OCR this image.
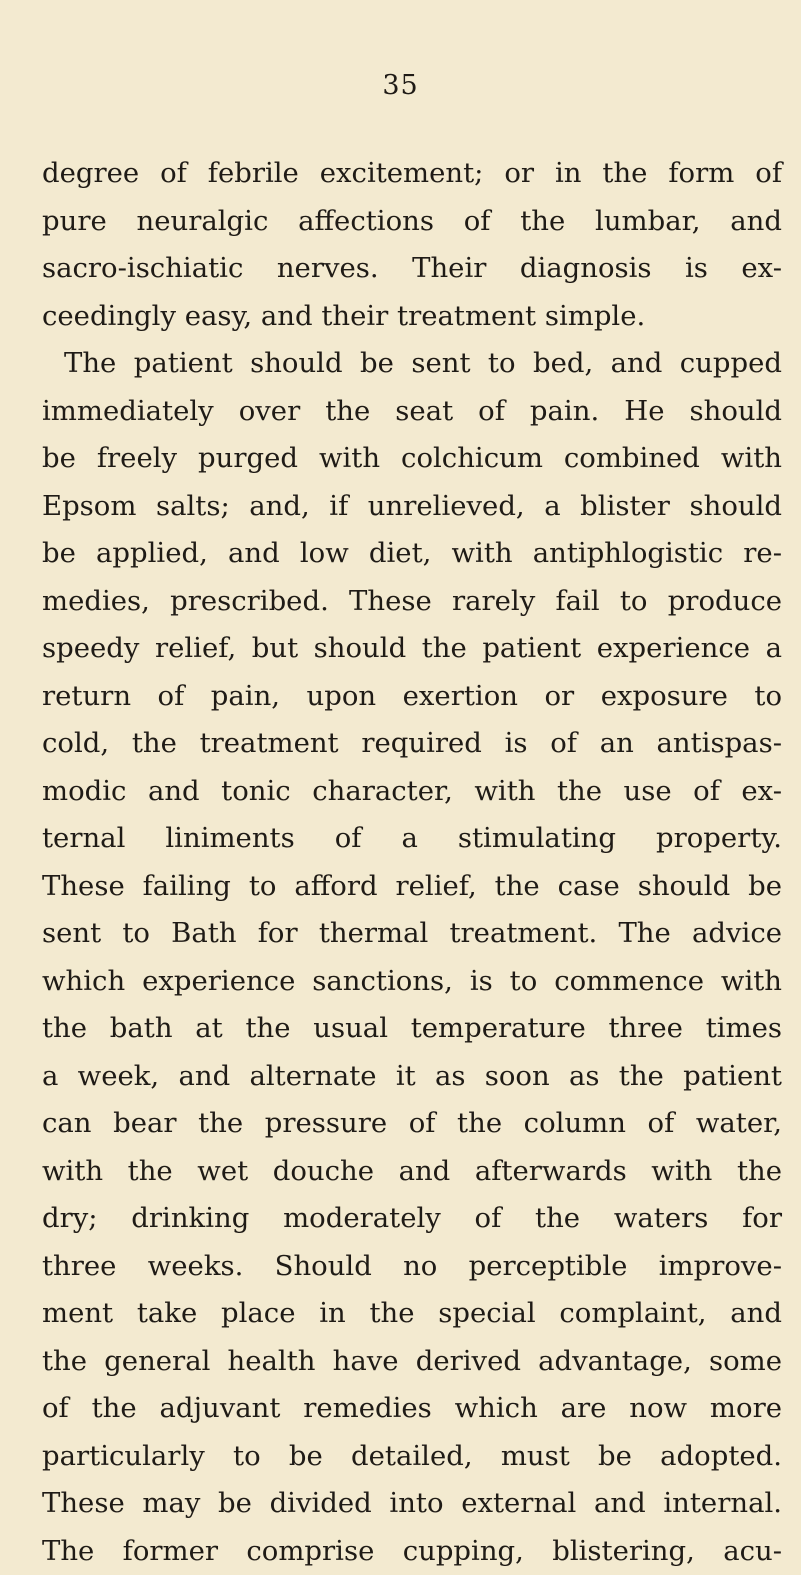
35
degree of febrile excitement; or in the form of
pure neuralgic affections of the lumbar, and
sacro-ischiatic nerves. Their diagnosis is ex-
ceedingly easy, and their treatment simple.
The patient should be sent to bed, and cupped
immediately over the seat of pain. He should
be freely purged with colchicum combined with
Epsom salts; and, if unrelieved, a blister should
be applied, and low diet, with antiphlogistic re-
medies, prescribed. These rarely fail to produce
speedy relief, but should the patient experience a
return of pain, upon exertion or exposure to
cold, the treatment required is of an antispas-
modic and tonic character, with the use of ex-
ternal liniments of a stimulating property.
These failing to afford relief, the case should be
sent to Bath for thermal treatment. The advice
which experience sanctions, is to commence with
the bath at the usual temperature three times
a week, and alternate it as soon as the patient
can bear the pressure of the column of water,
with the wet douche and afterwards with the
dry; drinking moderately of the waters for
three weeks. Should no perceptible improve-
ment take place in the special complaint, and
the general health have derived advantage, some
of the adjuvant remedies which are now more
particularly to be detailed, must be adopted.
These may be divided into external and internal.
The former comprise cupping, blistering, acu-
